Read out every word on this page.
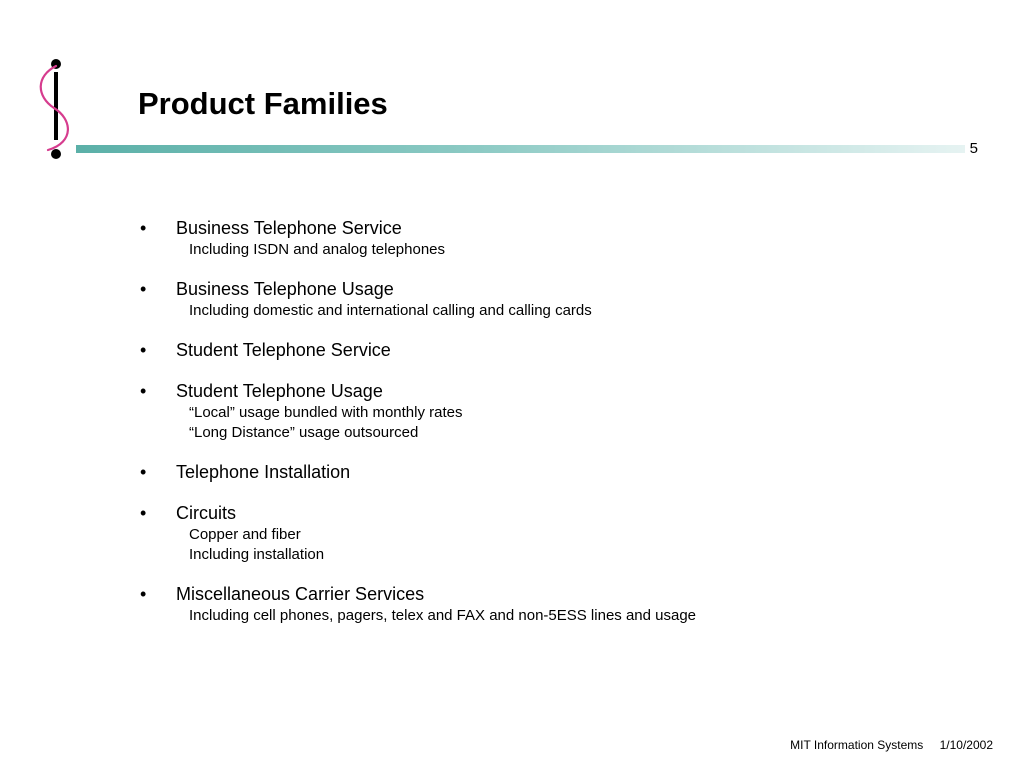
Product Families
5
• Business Telephone Service
Including ISDN and analog telephones
• Business Telephone Usage
Including domestic and international calling and calling cards
• Student Telephone Service
• Student Telephone Usage
“Local” usage bundled with monthly rates
“Long Distance” usage outsourced
• Telephone Installation
• Circuits
Copper and fiber
Including installation
• Miscellaneous Carrier Services
Including cell phones, pagers, telex and FAX and non-5ESS lines and usage
MIT Information Systems 1/10/2002
